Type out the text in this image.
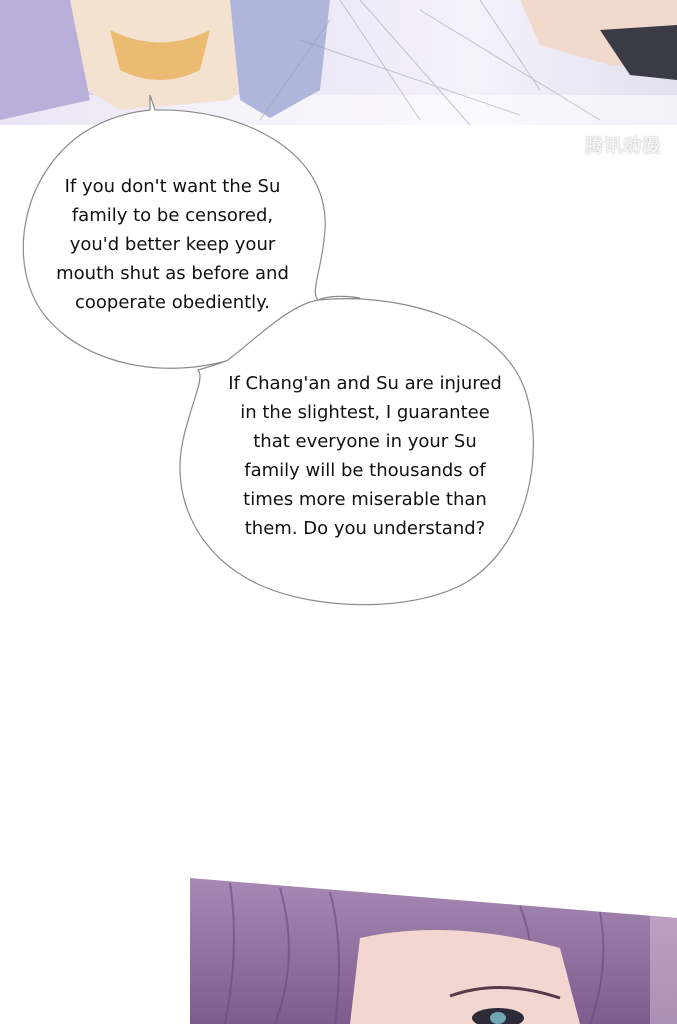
腾讯动漫
If you don't want the Su
family to be censored,
you'd better keep your
mouth shut as before and
cooperate obediently.
If Chang'an and Su are injured
in the slightest, I guarantee
that everyone in your Su
family will be thousands of
times more miserable than
them. Do you understand?
